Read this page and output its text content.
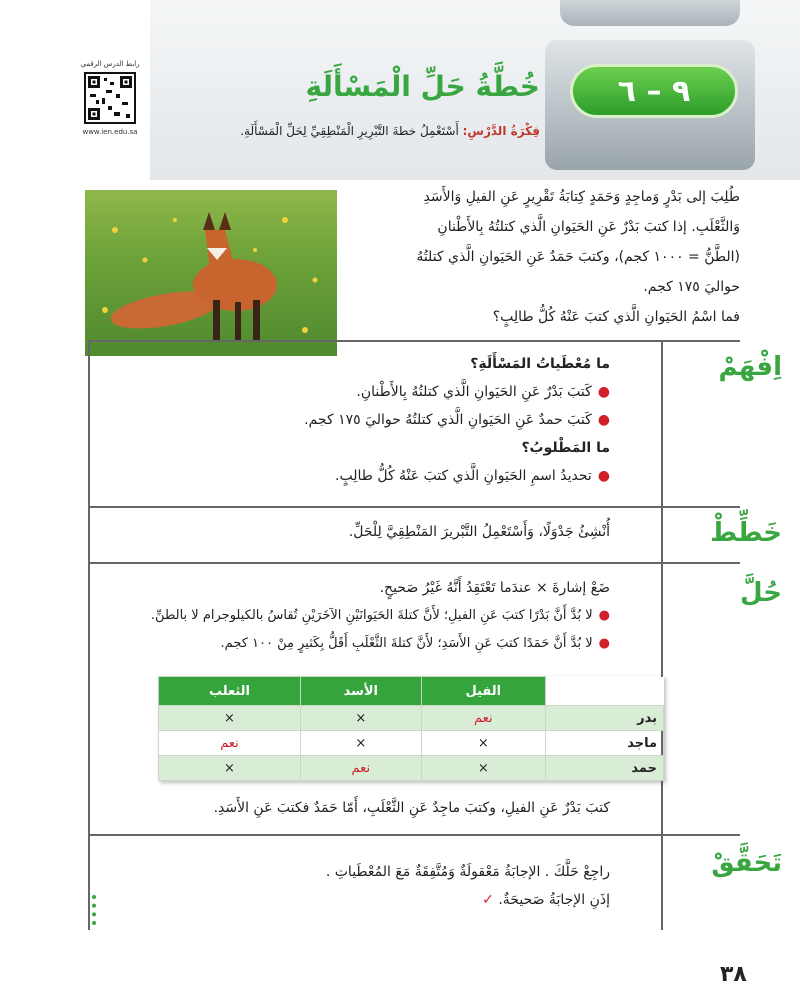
رابط الدرس الرقمي
www.ien.edu.sa
٩ – ٦
خُطَّةُ حَلِّ الْمَسْأَلَةِ
فِكْرَةُ الدَّرْسِ: أَسْتَعْمِلُ خطةَ التَّبْرِيرِ الْمَنْطِقِيِّ لِحَلِّ الْمَسْأَلَةِ.

طُلِبَ إلى بَدْرٍ وَماجِدٍ وَحَمَدٍ كِتابَةُ تَقْرِيرٍ عَنِ الفيلِ وَالأَسَدِ

وَالثَّعْلَبِ. إذا كتبَ بَدْرٌ عَنِ الحَيَوانِ الَّذي كتلتُهُ بِالأَطْنانِ

(الطَّنُّ = ١٠٠٠ كجم)، وكتبَ حَمَدٌ عَنِ الحَيَوانِ الَّذي كتلتُهُ

حواليَ ١٧٥ كجم.

فما اسْمُ الحَيَوانِ الَّذي كتبَ عَنْهُ كُلُّ طالِبٍ؟

اِفْهَمْ

ما مُعْطَياتُ المَسْأَلَةِ؟

●كَتبَ بَدْرٌ عَنِ الحَيَوانِ الَّذي كتلتُهُ بِالأَطْنانِ.

●كَتبَ حمدٌ عَنِ الحَيَوانِ الَّذي كتلتُهُ حواليَ ١٧٥ كجم.

ما المَطْلوبُ؟

●تحديدُ اسمِ الحَيَوانِ الَّذي كتبَ عَنْهُ كُلُّ طالِبٍ.

خَطِّطْ

أُنْشِئُ جَدْوَلًا، وَأَسْتَعْمِلُ التَّبْريرَ المَنْطِقِيَّ لِلْحَلِّ.

حُلَّ

ضَعْ إشارةَ × عندَما تَعْتَقِدُ أَنَّهُ غَيْرُ صَحيحٍ.

●لا بُدَّ أَنَّ بَدْرًا كتبَ عَنِ الفيلِ؛ لأَنَّ كتلةَ الحَيَوانَيْنِ الآخَرَيْنِ تُقاسُ بالكيلوجرام لا بالطنِّ.

●لا بُدَّ أَنَّ حَمَدًا كتبَ عَنِ الأَسَدِ؛ لأَنَّ كتلةَ الثَّعْلَبِ أَقَلُّ بِكَثيرٍ مِنْ ١٠٠ كجم.

	الفيل	الأسد	الثعلب
بدر	نعم	×	×
ماجد	×	×	نعم
حمد	×	نعم	×

كتبَ بَدْرٌ عَنِ الفيلِ، وكتبَ ماجِدٌ عَنِ الثَّعْلَبِ، أَمّا حَمَدٌ فكتبَ عَنِ الأَسَدِ.

تَحَقَّقْ

راجِعْ حَلَّكَ . الإجابَةُ مَعْقولَةٌ وَمُتَّفِقَةٌ مَعَ المُعْطَياتِ .

إذَنِ الإجابَةُ صَحيحَةٌ. ✓

٣٨
